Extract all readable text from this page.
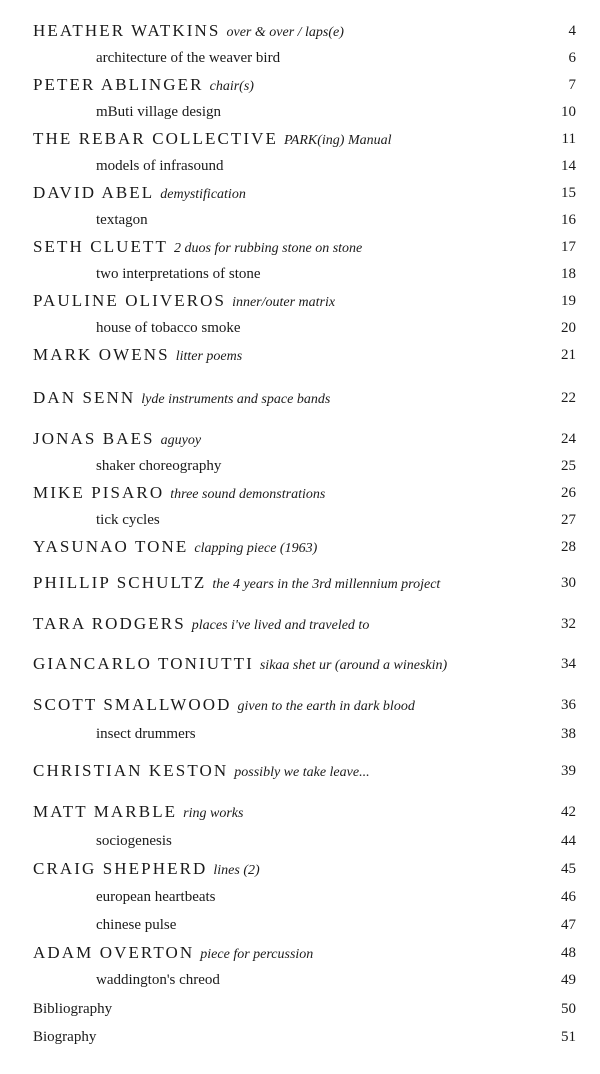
HEATHER WATKINS over & over / laps(e)	4
architecture of the weaver bird	6
PETER ABLINGER chair(s)	7
mButi village design	10
THE REBAR COLLECTIVE PARK(ing) Manual	11
models of infrasound	14
DAVID ABEL demystification	15
textagon	16
SETH CLUETT 2 duos for rubbing stone on stone	17
two interpretations of stone	18
PAULINE OLIVEROS inner/outer matrix	19
house of tobacco smoke	20
MARK OWENS litter poems	21
DAN SENN lyde instruments and space bands	22
JONAS BAES aguyoy	24
shaker choreography	25
MIKE PISARO three sound demonstrations	26
tick cycles	27
YASUNAO TONE clapping piece (1963)	28
PHILLIP SCHULTZ the 4 years in the 3rd millennium project	30
TARA RODGERS places i've lived and traveled to	32
GIANCARLO TONIUTTI sikaa shet ur (around a wineskin)	34
SCOTT SMALLWOOD given to the earth in dark blood	36
insect drummers	38
CHRISTIAN KESTON possibly we take leave...	39
MATT MARBLE ring works	42
sociogenesis	44
CRAIG SHEPHERD lines (2)	45
european heartbeats	46
chinese pulse	47
ADAM OVERTON piece for percussion	48
waddington's chreod	49
Bibliography	50
Biography	51
